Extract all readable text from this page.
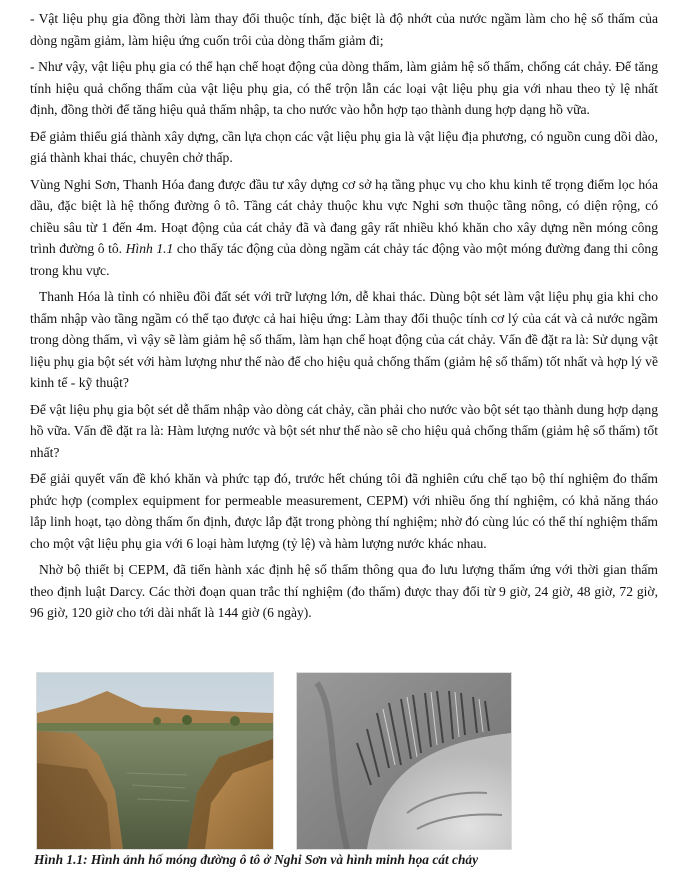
- Vật liệu phụ gia đồng thời làm thay đổi thuộc tính, đặc biệt là độ nhớt của nước ngầm làm cho hệ số thấm của dòng ngầm giảm, làm hiệu ứng cuốn trôi của dòng thấm giảm đi;

- Như vậy, vật liệu phụ gia có thể hạn chế hoạt động của dòng thấm, làm giảm hệ số thấm, chống cát chảy. Để tăng tính hiệu quả chống thấm của vật liệu phụ gia, có thể trộn lẫn các loại vật liệu phụ gia với nhau theo tỷ lệ nhất định, đồng thời để tăng hiệu quả thấm nhập, ta cho nước vào hỗn hợp tạo thành dung hợp dạng hồ vữa.

Để giảm thiểu giá thành xây dựng, cần lựa chọn các vật liệu phụ gia là vật liệu địa phương, có nguồn cung dồi dào, giá thành khai thác, chuyên chở thấp.

Vùng Nghi Sơn, Thanh Hóa đang được đầu tư xây dựng cơ sở hạ tầng phục vụ cho khu kinh tế trọng điểm lọc hóa dầu, đặc biệt là hệ thống đường ô tô. Tầng cát chảy thuộc khu vực Nghi sơn thuộc tầng nông, có diện rộng, có chiều sâu từ 1 đến 4m. Hoạt động của cát chảy đã và đang gây rất nhiều khó khăn cho xây dựng nền móng công trình đường ô tô. Hình 1.1 cho thấy tác động của dòng ngầm cát chảy tác động vào một móng đường đang thi công trong khu vực.

Thanh Hóa là tỉnh có nhiều đồi đất sét với trữ lượng lớn, dễ khai thác. Dùng bột sét làm vật liệu phụ gia khi cho thẩm nhập vào tầng ngầm có thể tạo được cả hai hiệu ứng: Làm thay đổi thuộc tính cơ lý của cát và cả nước ngầm trong dòng thấm, vì vậy sẽ làm giảm hệ số thấm, làm hạn chế hoạt động của cát chảy. Vấn đề đặt ra là: Sử dụng vật liệu phụ gia bột sét với hàm lượng như thế nào để cho hiệu quả chống thấm (giảm hệ số thấm) tốt nhất và hợp lý về kinh tế - kỹ thuật?

Để vật liệu phụ gia bột sét dễ thẩm nhập vào dòng cát chảy, cần phải cho nước vào bột sét tạo thành dung hợp dạng hồ vữa. Vấn đề đặt ra là: Hàm lượng nước và bột sét như thế nào sẽ cho hiệu quả chống thấm (giảm hệ số thấm) tốt nhất?

Để giải quyết vấn đề khó khăn và phức tạp đó, trước hết chúng tôi đã nghiên cứu chế tạo bộ thí nghiệm đo thấm phức hợp (complex equipment for permeable measurement, CEPM) với nhiều ống thí nghiệm, có khả năng tháo lắp linh hoạt, tạo dòng thấm ổn định, được lắp đặt trong phòng thí nghiệm; nhờ đó cùng lúc có thể thí nghiệm thấm cho một vật liệu phụ gia với 6 loại hàm lượng (tỷ lệ) và hàm lượng nước khác nhau.

Nhờ bộ thiết bị CEPM, đã tiến hành xác định hệ số thấm thông qua đo lưu lượng thấm ứng với thời gian thấm theo định luật Darcy. Các thời đoạn quan trắc thí nghiệm (đo thấm) được thay đổi từ 9 giờ, 24 giờ, 48 giờ, 72 giờ, 96 giờ, 120 giờ cho tới dài nhất là 144 giờ (6 ngày).

Hình 1.1: Hình ảnh hố móng đường ô tô ở Nghi Sơn và hình minh họa cát chảy
